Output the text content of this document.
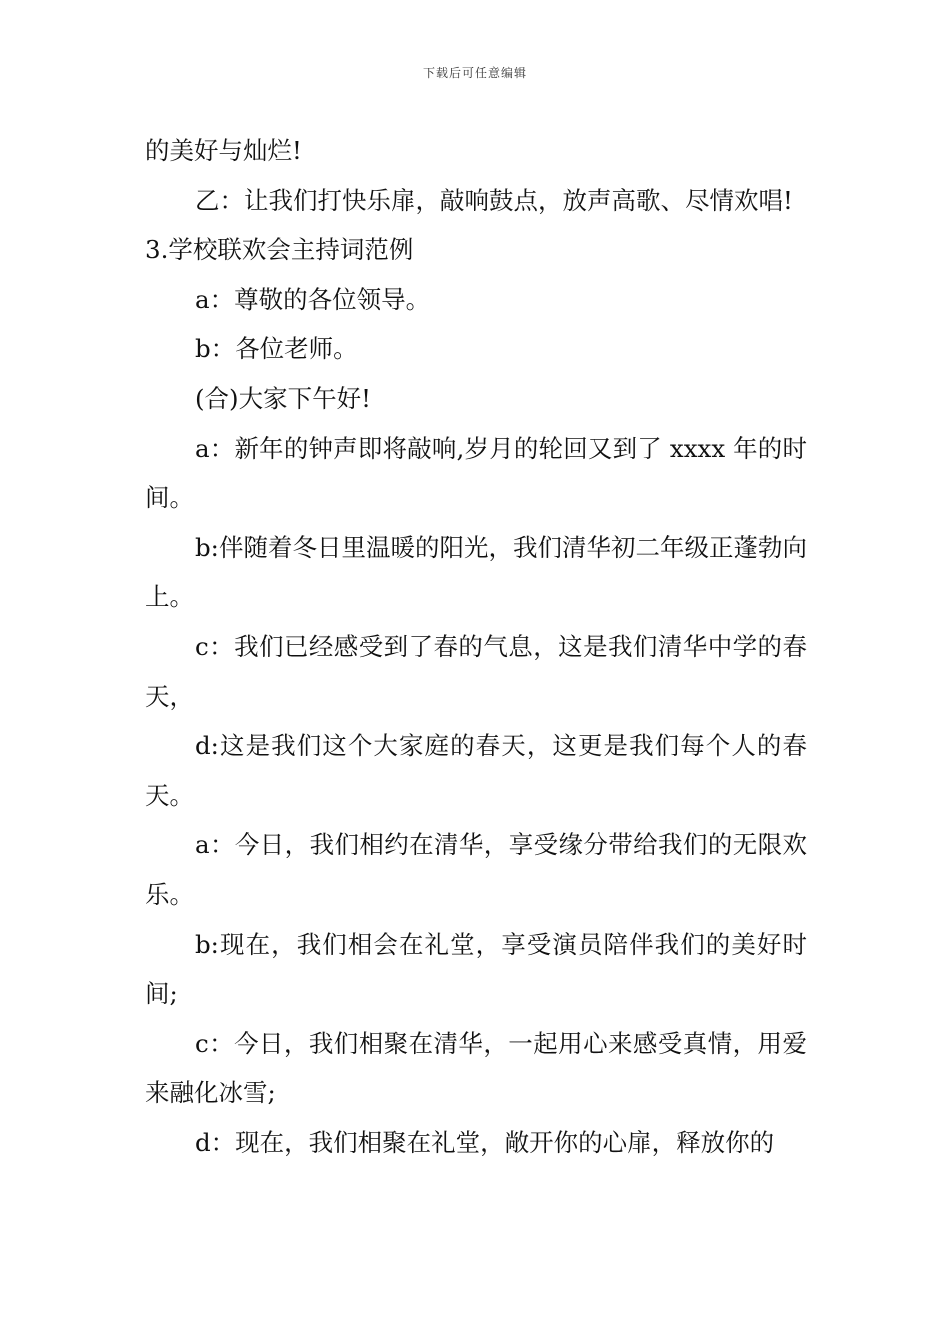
下载后可任意编辑

的美好与灿烂!

乙：让我们打快乐扉，敲响鼓点，放声高歌、尽情欢唱!

3.学校联欢会主持词范例

a：尊敬的各位领导。

b：各位老师。

(合)大家下午好!

a：新年的钟声即将敲响,岁月的轮回又到了 xxxx 年的时间。

b:伴随着冬日里温暖的阳光，我们清华初二年级正蓬勃向上。

c：我们已经感受到了春的气息，这是我们清华中学的春天，

d:这是我们这个大家庭的春天，这更是我们每个人的春天。

a：今日，我们相约在清华，享受缘分带给我们的无限欢乐。

b:现在，我们相会在礼堂，享受演员陪伴我们的美好时间;

c：今日，我们相聚在清华，一起用心来感受真情，用爱来融化冰雪;

d：现在，我们相聚在礼堂，敞开你的心扉，释放你的
